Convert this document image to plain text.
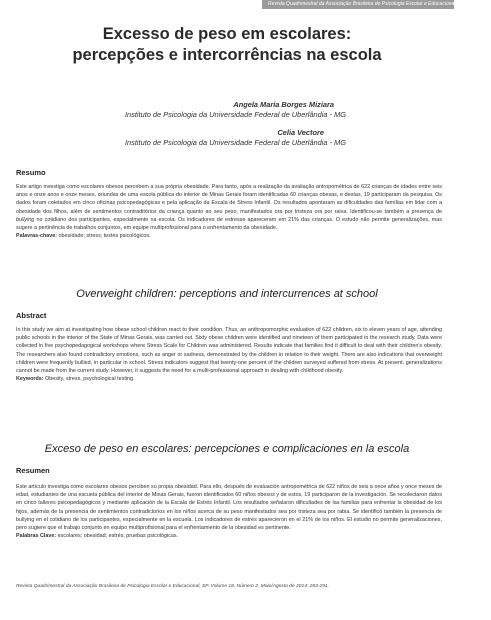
Revista Quadrimestral da Associação Brasileira de Psicologia Escolar e Educacional, SP. Volume 18
Excesso de peso em escolares:
percepções e intercorrências na escola
Angela Maria Borges Miziara
Instituto de Psicologia da Universidade Federal de Uberlândia - MG
Celia Vectore
Instituto de Psicologia da Universidade Federal de Uberlândia - MG
Resumo
Este artigo investiga como escolares obesos percebem a sua própria obesidade. Para tanto, após a realização da avaliação antropométrica de 622 crianças de idades entre seis anos e onze anos e onze meses, oriundas de uma escola pública do interior de Minas Gerais foram identificadas 60 crianças obesas, e destas, 19 participaram da pesquisa. Os dados foram coletados em cinco oficinas psicopedagógicas e pela aplicação da Escala de Stress Infantil. Os resultados apontaram as dificuldades das famílias em lidar com a obesidade dos filhos, além de sentimentos contraditórios da criança quanto ao seu peso, manifestados ora por tristeza ora por raiva. Identificou-se também a presença de bullying no cotidiano dos participantes, especialmente na escola. Os indicadores de estresse apareceram em 21% das crianças. O estudo não permite generalizações, mas sugere a pertinência de trabalhos conjuntos, em equipe multiprofissional para o enfrentamento da obesidade.
Palavras-chave: obesidade; stress; testes psicológicos.
Overweight children: perceptions and intercurrences at school
Abstract
In this study we aim at investigating how obese school children react to their condition. Thus, an anthropomorphic evaluation of 622 children, six to eleven years of age, attending public schools in the interior of the State of Minas Gerais, was carried out. Sixty obese children were identified and nineteen of them participated in the research study. Data were collected in five psychopedagogical workshops where Stress Scale for Children was administered. Results indicate that families find it difficult to deal with their children's obesity. The researchers also found contradictory emotions, such as anger or sadness, demonstrated by the children in relation to their weight. There are also indications that overweight children were frequently bullied, in particular in school. Stress indicators suggest that twenty-one percent of the children surveyed suffered from stress. At present, generalizations cannot be made from the current study. However, it suggests the need for a multi-professional approach in dealing with childhood obesity.
Keywords: Obesity, stress, psychological testing.
Exceso de peso en escolares: percepciones e complicaciones en la escola
Resumen
Este artículo investiga como escolares obesos perciben su propia obesidad. Para ello, después de evaluación antropométrica de 622 niños de seis a once años y once meses de edad, estudiantes de una escuela pública del interior de Minas Gerais, fueron identificados 60 niños obesos y de estos, 19 participaron de la investigación. Se recolectaron datos en cinco talleres psicopedagógicos y mediante aplicación de la Escala de Estrés Infantil. Los resultados señalaron dificultades de las familias para enfrentar la obesidad de los hijos, además de la presencia de sentimientos contradictorios en los niños acerca de su peso manifestados sea por tristeza sea por rabia. Se identificó también la presencia de bullying en el cotidiano de los participantes, especialmente en la escuela. Los indicadores de estrés aparecieron en el 21% de los niños. El estudio no permite generalizaciones, pero sugiere que el trabajo conjunto en equipo multiprofisional para el enfrentamiento de la obesidad es pertinente.
Palabras Clave: escolares; obesidad; estrés; pruebas psicológicas.
Revista Quadrimestral da Associação Brasileira de Psicologia Escolar e Educacional, SP. Volume 18, Número 2, Maio/Agosto de 2014: 283-291.
